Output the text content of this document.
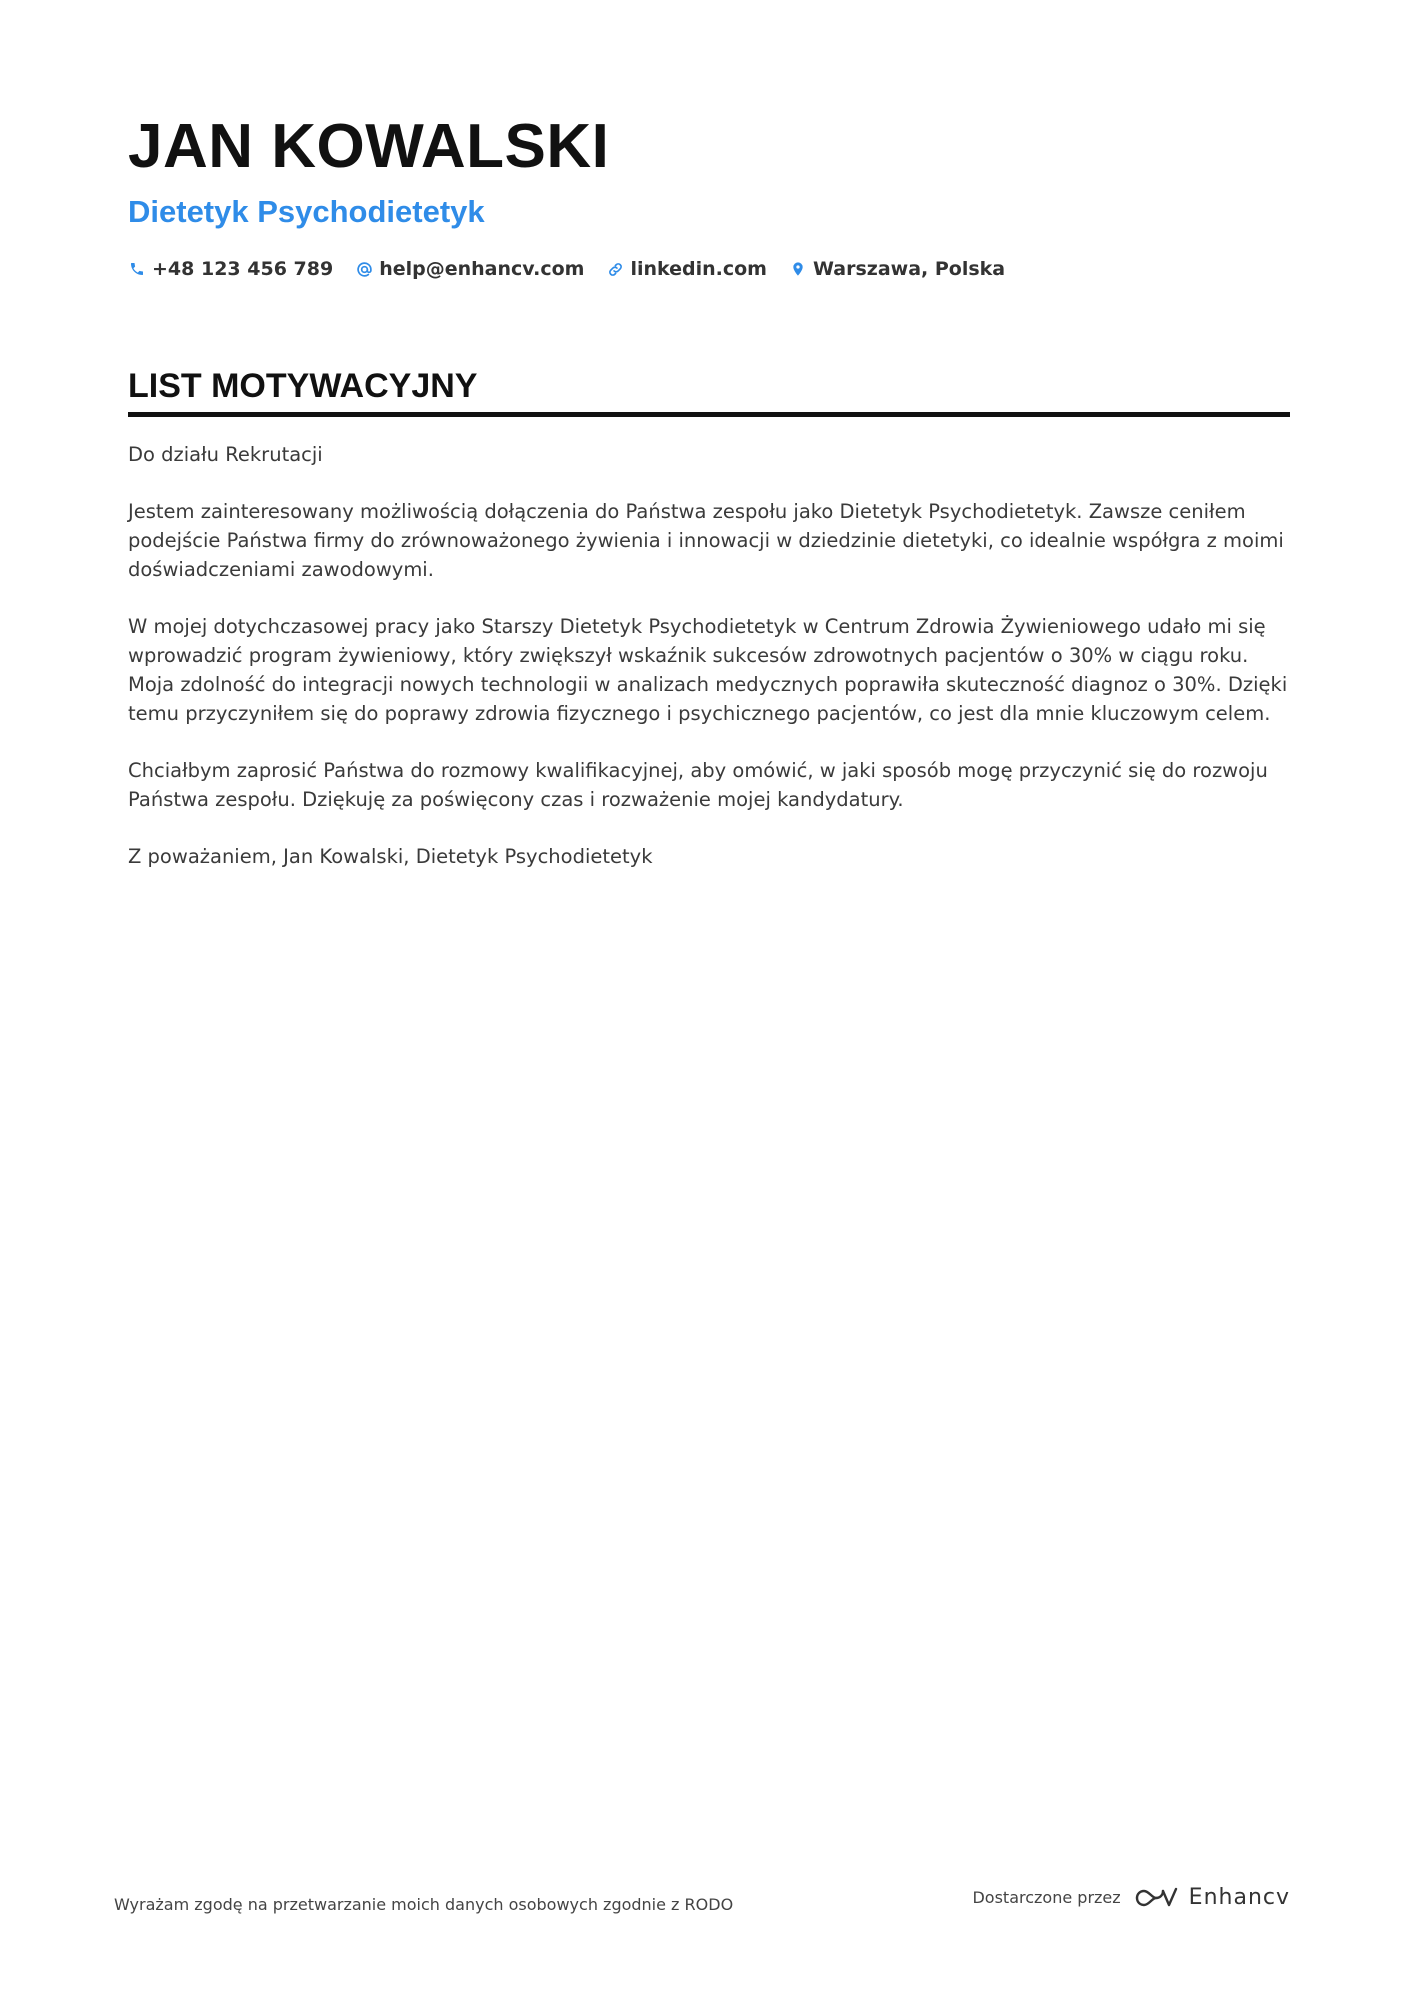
JAN KOWALSKI
Dietetyk Psychodietetyk
+48 123 456 789 help@enhancv.com linkedin.com Warszawa, Polska
LIST MOTYWACYJNY

Do działu Rekrutacji

Jestem zainteresowany możliwością dołączenia do Państwa zespołu jako Dietetyk Psychodietetyk. Zawsze ceniłem podejście Państwa firmy do zrównoważonego żywienia i innowacji w dziedzinie dietetyki, co idealnie współgra z moimi doświadczeniami zawodowymi.

W mojej dotychczasowej pracy jako Starszy Dietetyk Psychodietetyk w Centrum Zdrowia Żywieniowego udało mi się wprowadzić program żywieniowy, który zwiększył wskaźnik sukcesów zdrowotnych pacjentów o 30% w ciągu roku. Moja zdolność do integracji nowych technologii w analizach medycznych poprawiła skuteczność diagnoz o 30%. Dzięki temu przyczyniłem się do poprawy zdrowia fizycznego i psychicznego pacjentów, co jest dla mnie kluczowym celem.

Chciałbym zaprosić Państwa do rozmowy kwalifikacyjnej, aby omówić, w jaki sposób mogę przyczynić się do rozwoju Państwa zespołu. Dziękuję za poświęcony czas i rozważenie mojej kandydatury.

Z poważaniem, Jan Kowalski, Dietetyk Psychodietetyk

Wyrażam zgodę na przetwarzanie moich danych osobowych zgodnie z RODO	Dostarczone przez	Enhancv
